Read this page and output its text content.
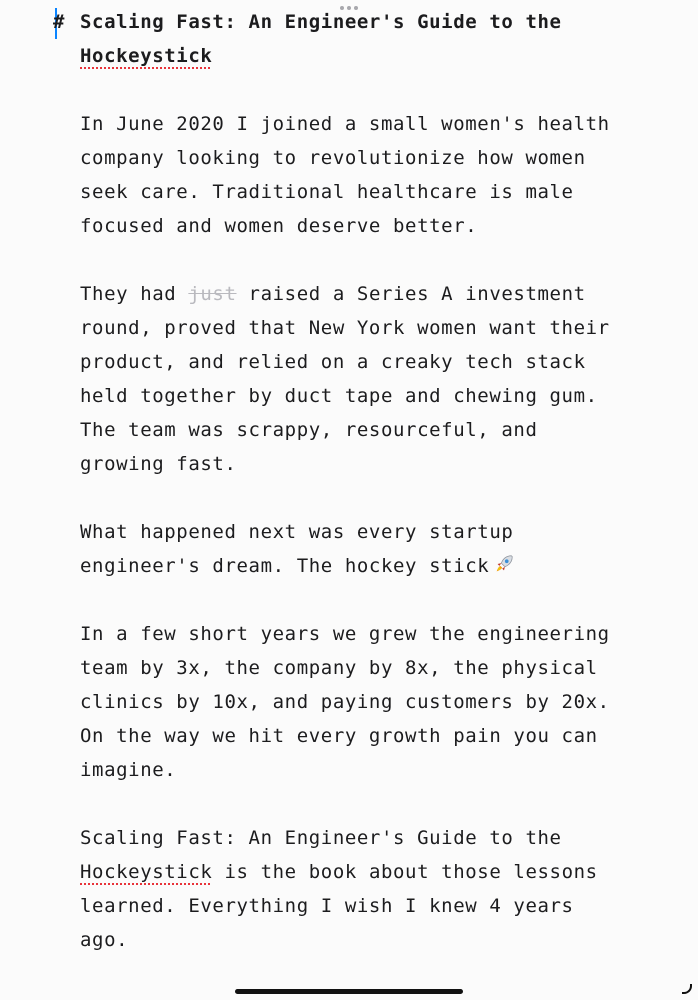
# Scaling Fast: An Engineer's Guide to the Hockeystick
In June 2020 I joined a small women's health company looking to revolutionize how women seek care. Traditional healthcare is male focused and women deserve better.
They had just raised a Series A investment round, proved that New York women want their product, and relied on a creaky tech stack held together by duct tape and chewing gum. The team was scrappy, resourceful, and growing fast.
What happened next was every startup engineer's dream. The hockey stick
In a few short years we grew the engineering team by 3x, the company by 8x, the physical clinics by 10x, and paying customers by 20x. On the way we hit every growth pain you can imagine.
Scaling Fast: An Engineer's Guide to the Hockeystick is the book about those lessons learned. Everything I wish I knew 4 years ago.
